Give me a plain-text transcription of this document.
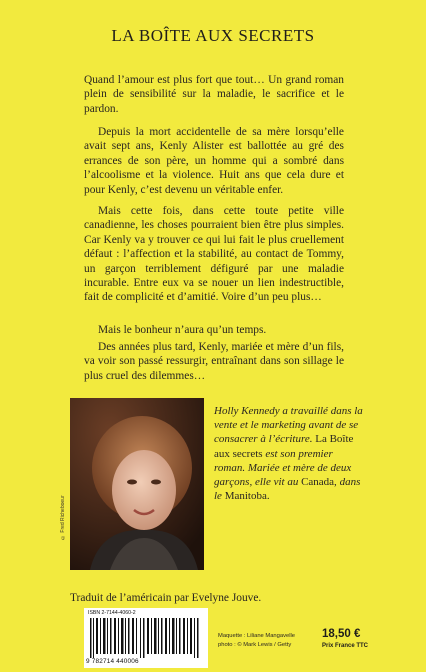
LA BOÎTE AUX SECRETS

Quand l’amour est plus fort que tout… Un grand roman plein de sensibilité sur la maladie, le sacrifice et le pardon.

Depuis la mort accidentelle de sa mère lorsqu’elle avait sept ans, Kenly Alister est ballottée au gré des errances de son père, un homme qui a sombré dans l’alcoolisme et la violence. Huit ans que cela dure et pour Kenly, c’est devenu un véritable enfer.

Mais cette fois, dans cette toute petite ville canadienne, les choses pourraient bien être plus simples. Car Kenly va y trouver ce qui lui fait le plus cruellement défaut : l’affection et la stabilité, au contact de Tommy, un garçon terriblement défiguré par une maladie incurable. Entre eux va se nouer un lien indestructible, fait de complicité et d’amitié. Voire d’un peu plus…

Mais le bonheur n’aura qu’un temps.

Des années plus tard, Kenly, mariée et mère d’un fils, va voir son passé ressurgir, entraînant dans son sillage le plus cruel des dilemmes…

© Fred Richeboeur

Holly Kennedy a travaillé dans la vente et le marketing avant de se consacrer à l’écriture. La Boîte aux secrets est son premier roman. Mariée et mère de deux garçons, elle vit au Canada, dans le Manitoba.

Traduit de l’américain par Evelyne Jouve.
ISBN 2-7144-4060-2
9 782714 440006
Maquette : Liliane Mangavelle
photo : © Mark Lewis / Getty
18,50 €
Prix France TTC
